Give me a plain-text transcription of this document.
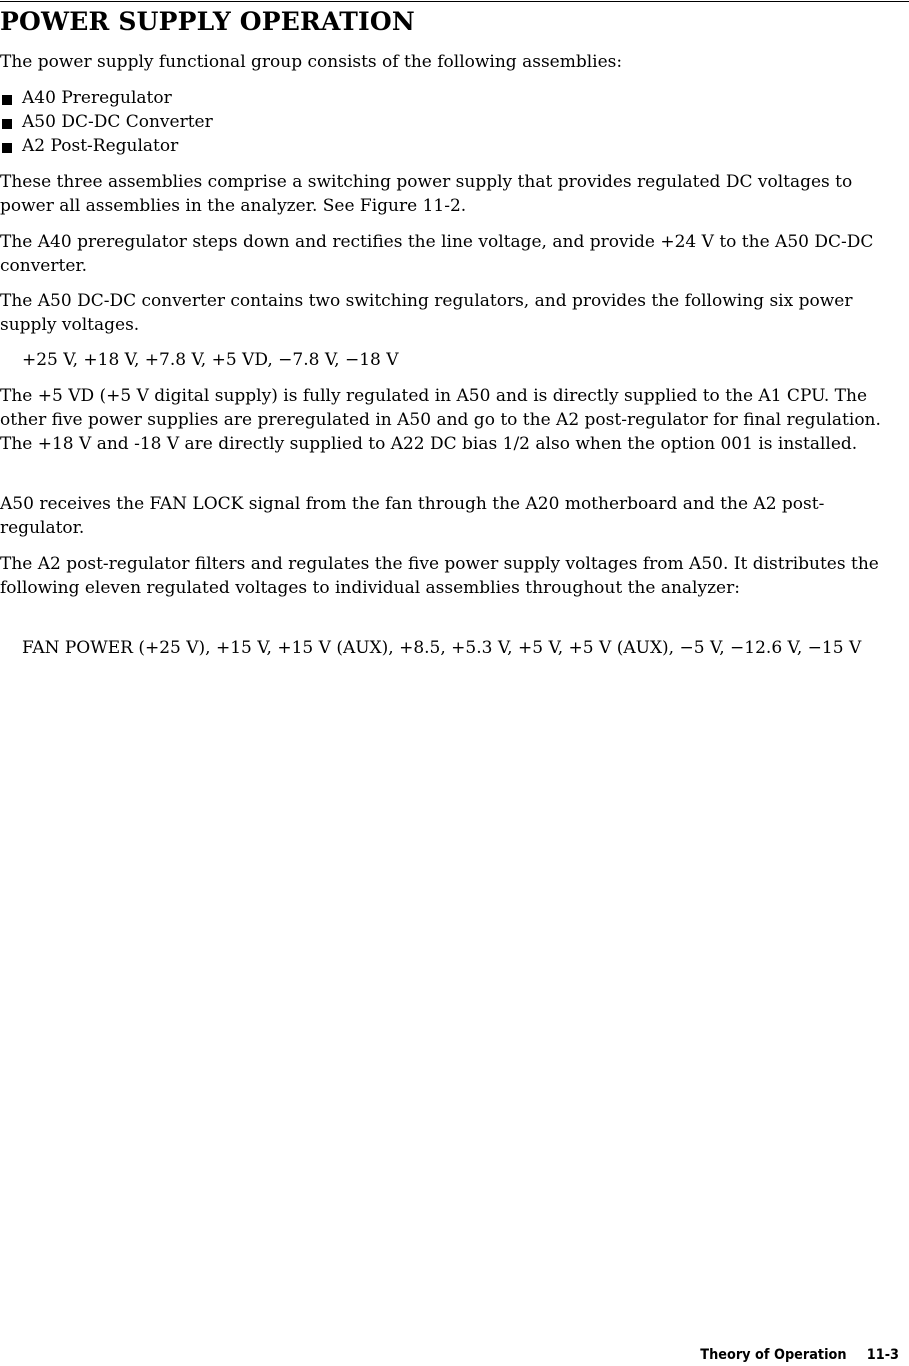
POWER SUPPLY OPERATION

The power supply functional group consists of the following assemblies:

A40 Preregulator
A50 DC-DC Converter
A2 Post-Regulator

These three assemblies comprise a switching power supply that provides regulated DC voltages to power all assemblies in the analyzer. See Figure 11-2.

The A40 preregulator steps down and rectifies the line voltage, and provide +24 V to the A50 DC-DC converter.

The A50 DC-DC converter contains two switching regulators, and provides the following six power supply voltages.

+25 V, +18 V, +7.8 V, +5 VD, −7.8 V, −18 V

The +5 VD (+5 V digital supply) is fully regulated in A50 and is directly supplied to the A1 CPU. The other five power supplies are preregulated in A50 and go to the A2 post-regulator for final regulation. The +18 V and -18 V are directly supplied to A22 DC bias 1/2 also when the option 001 is installed.

A50 receives the FAN LOCK signal from the fan through the A20 motherboard and the A2 post-regulator.

The A2 post-regulator filters and regulates the five power supply voltages from A50. It distributes the following eleven regulated voltages to individual assemblies throughout the analyzer:

FAN POWER (+25 V), +15 V, +15 V (AUX), +8.5, +5.3 V, +5 V, +5 V (AUX), −5 V, −12.6 V, −15 V

Theory of Operation 11-3
